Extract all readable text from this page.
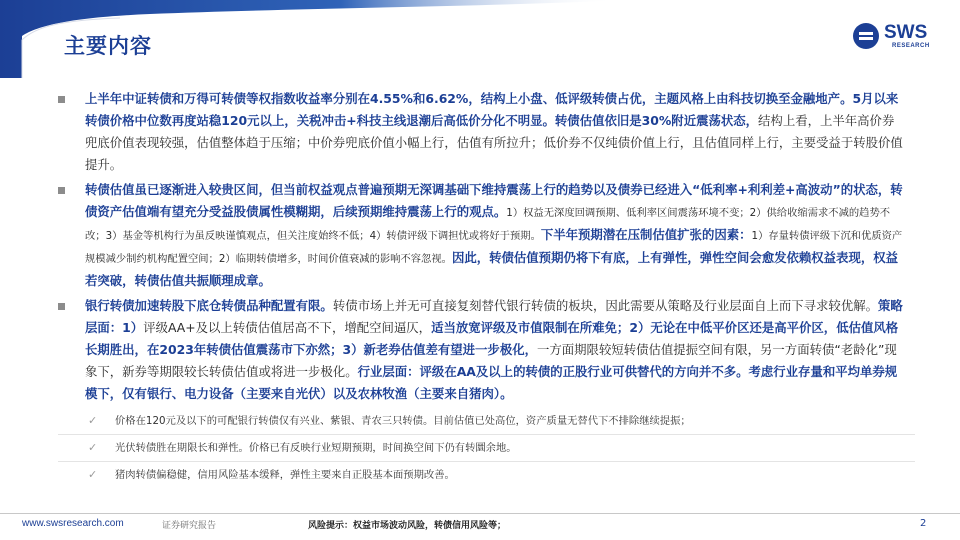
主要内容
SWS
RESEARCH
上半年中证转债和万得可转债等权指数收益率分别在4.55%和6.62%，结构上小盘、低评级转债占优，主题风格上由科技切换至金融地产。5月以来转债价格中位数再度站稳120元以上，关税冲击+科技主线退潮后高低价分化不明显。转债估值依旧是30%附近震荡状态，结构上看，上半年高价券兜底价值表现较强，估值整体趋于压缩；中价券兜底价值小幅上行，估值有所拉升；低价券不仅纯债价值上行，且估值同样上行，主要受益于转股价值提升。
转债估值虽已逐渐进入较贵区间，但当前权益观点普遍预期无深调基础下维持震荡上行的趋势以及债券已经进入“低利率+利利差+高波动”的状态，转债资产估值端有望充分受益股债属性模糊期，后续预期维持震荡上行的观点。1）权益无深度回调预期、低利率区间震荡环境不变；2）供给收缩需求不减的趋势不改；3）基金等机构行为虽反映谨慎观点，但关注度始终不低；4）转债评级下调担忧或将好于预期。下半年预期潜在压制估值扩张的因素：1）存量转债评级下沉和优质资产规模减少制约机构配置空间；2）临期转债增多，时间价值衰减的影响不容忽视。因此，转债估值预期仍将下有底，上有弹性，弹性空间会愈发依赖权益表现，权益若突破，转债估值共振顺理成章。
银行转债加速转股下底仓转债品种配置有限。转债市场上并无可直接复刻替代银行转债的板块，因此需要从策略及行业层面自上而下寻求较优解。策略层面：1）评级AA+及以上转债估值居高不下，增配空间逼仄，适当放宽评级及市值限制在所难免；2）无论在中低平价区还是高平价区，低估值风格长期胜出，在2023年转债估值震荡市下亦然；3）新老券估值差有望进一步极化，一方面期限较短转债估值提振空间有限，另一方面转债“老龄化”现象下，新券等期限较长转债估值或将进一步极化。行业层面：评级在AA及以上的转债的正股行业可供替代的方向并不多。考虑行业存量和平均单券规模下，仅有银行、电力设备（主要来自光伏）以及农林牧渔（主要来自猪肉）。
✓ 价格在120元及以下的可配银行转债仅有兴业、紫银、青农三只转债。目前估值已处高位，资产质量无替代下不排除继续提振；
✓ 光伏转债胜在期限长和弹性。价格已有反映行业短期预期，时间换空间下仍有转圜余地。
✓ 猪肉转债偏稳健，信用风险基本缓释，弹性主要来自正股基本面预期改善。
www.swsresearch.com	证券研究报告	风险提示：权益市场波动风险，转债信用风险等；	2
